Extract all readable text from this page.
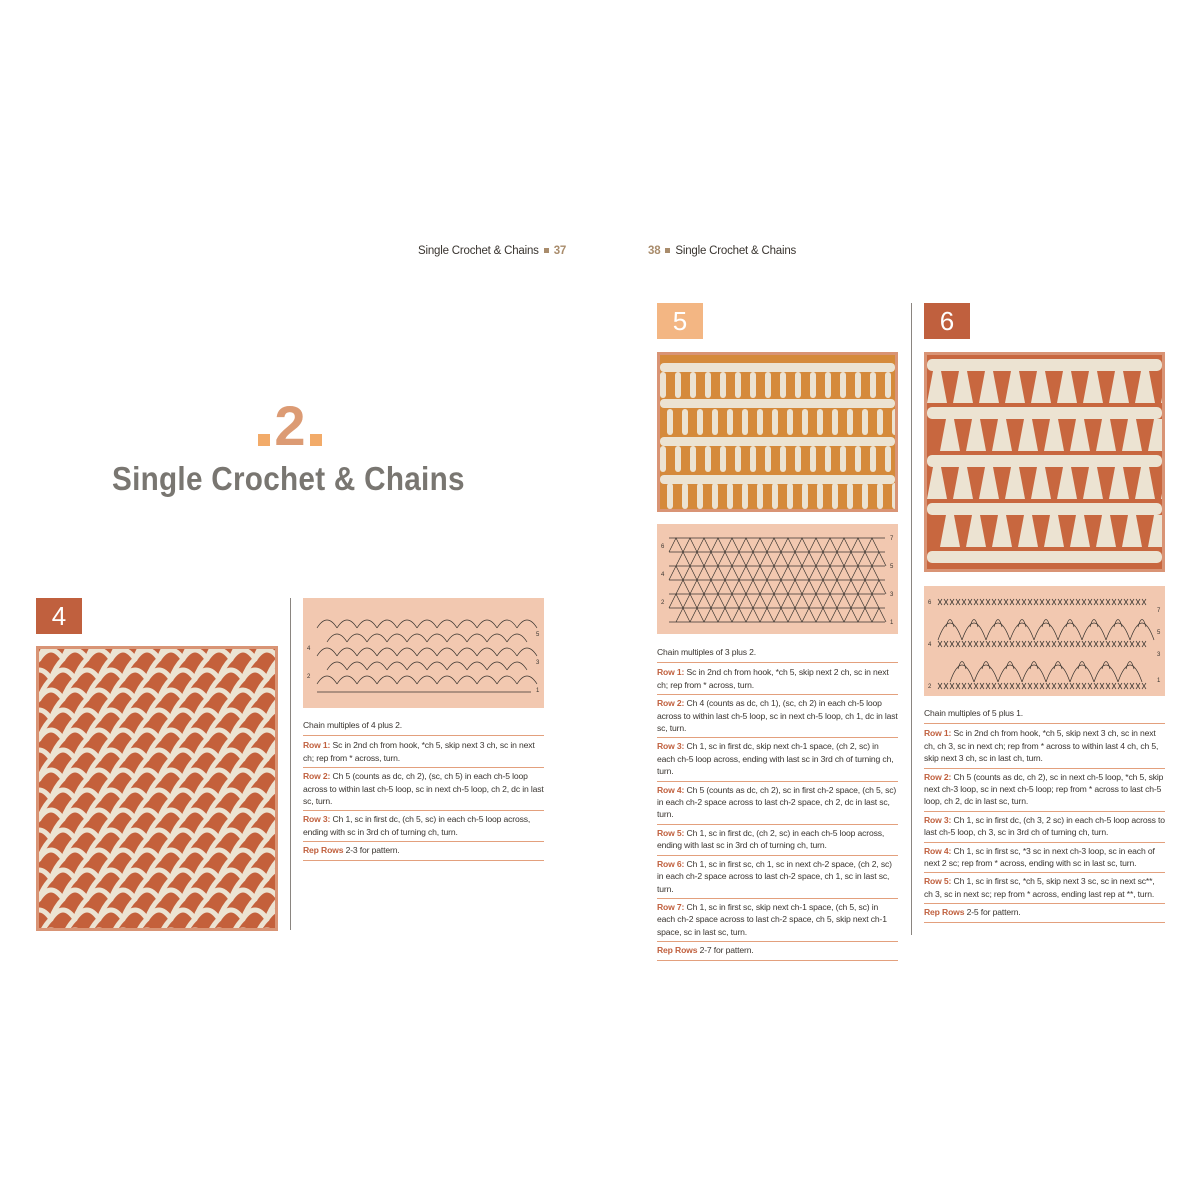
Single Crochet & Chains 37
2
Single Crochet & Chains
4
4
2
5
3
1
Chain multiples of 4 plus 2.
Row 1: Sc in 2nd ch from hook, *ch 5, skip next 3 ch, sc in next ch; rep from * across, turn.
Row 2: Ch 5 (counts as dc, ch 2), (sc, ch 5) in each ch-5 loop across to within last ch-5 loop, sc in next ch-5 loop, ch 2, dc in last sc, turn.
Row 3: Ch 1, sc in first dc, (ch 5, sc) in each ch-5 loop across, ending with sc in 3rd ch of turning ch, turn.
Rep Rows 2-3 for pattern.
38 Single Crochet & Chains
5
6
4
2
7
5
3
1
Chain multiples of 3 plus 2.
Row 1: Sc in 2nd ch from hook, *ch 5, skip next 2 ch, sc in next ch; rep from * across, turn.
Row 2: Ch 4 (counts as dc, ch 1), (sc, ch 2) in each ch-5 loop across to within last ch-5 loop, sc in next ch-5 loop, ch 1, dc in last sc, turn.
Row 3: Ch 1, sc in first dc, skip next ch-1 space, (ch 2, sc) in each ch-5 loop across, ending with last sc in 3rd ch of turning ch, turn.
Row 4: Ch 5 (counts as dc, ch 2), sc in first ch-2 space, (ch 5, sc) in each ch-2 space across to last ch-2 space, ch 2, dc in last sc, turn.
Row 5: Ch 1, sc in first dc, (ch 2, sc) in each ch-5 loop across, ending with last sc in 3rd ch of turning ch, turn.
Row 6: Ch 1, sc in first sc, ch 1, sc in next ch-2 space, (ch 2, sc) in each ch-2 space across to last ch-2 space, ch 1, sc in last sc, turn.
Row 7: Ch 1, sc in first sc, skip next ch-1 space, (ch 5, sc) in each ch-2 space across to last ch-2 space, ch 5, skip next ch-1 space, sc in last sc, turn.
Rep Rows 2-7 for pattern.
6
6
4
2
7
5
3
1
Chain multiples of 5 plus 1.
Row 1: Sc in 2nd ch from hook, *ch 5, skip next 3 ch, sc in next ch, ch 3, sc in next ch; rep from * across to within last 4 ch, ch 5, skip next 3 ch, sc in last ch, turn.
Row 2: Ch 5 (counts as dc, ch 2), sc in next ch-5 loop, *ch 5, skip next ch-3 loop, sc in next ch-5 loop; rep from * across to last ch-5 loop, ch 2, dc in last sc, turn.
Row 3: Ch 1, sc in first dc, (ch 3, 2 sc) in each ch-5 loop across to last ch-5 loop, ch 3, sc in 3rd ch of turning ch, turn.
Row 4: Ch 1, sc in first sc, *3 sc in next ch-3 loop, sc in each of next 2 sc; rep from * across, ending with sc in last sc, turn.
Row 5: Ch 1, sc in first sc, *ch 5, skip next 3 sc, sc in next sc**, ch 3, sc in next sc; rep from * across, ending last rep at **, turn.
Rep Rows 2-5 for pattern.
